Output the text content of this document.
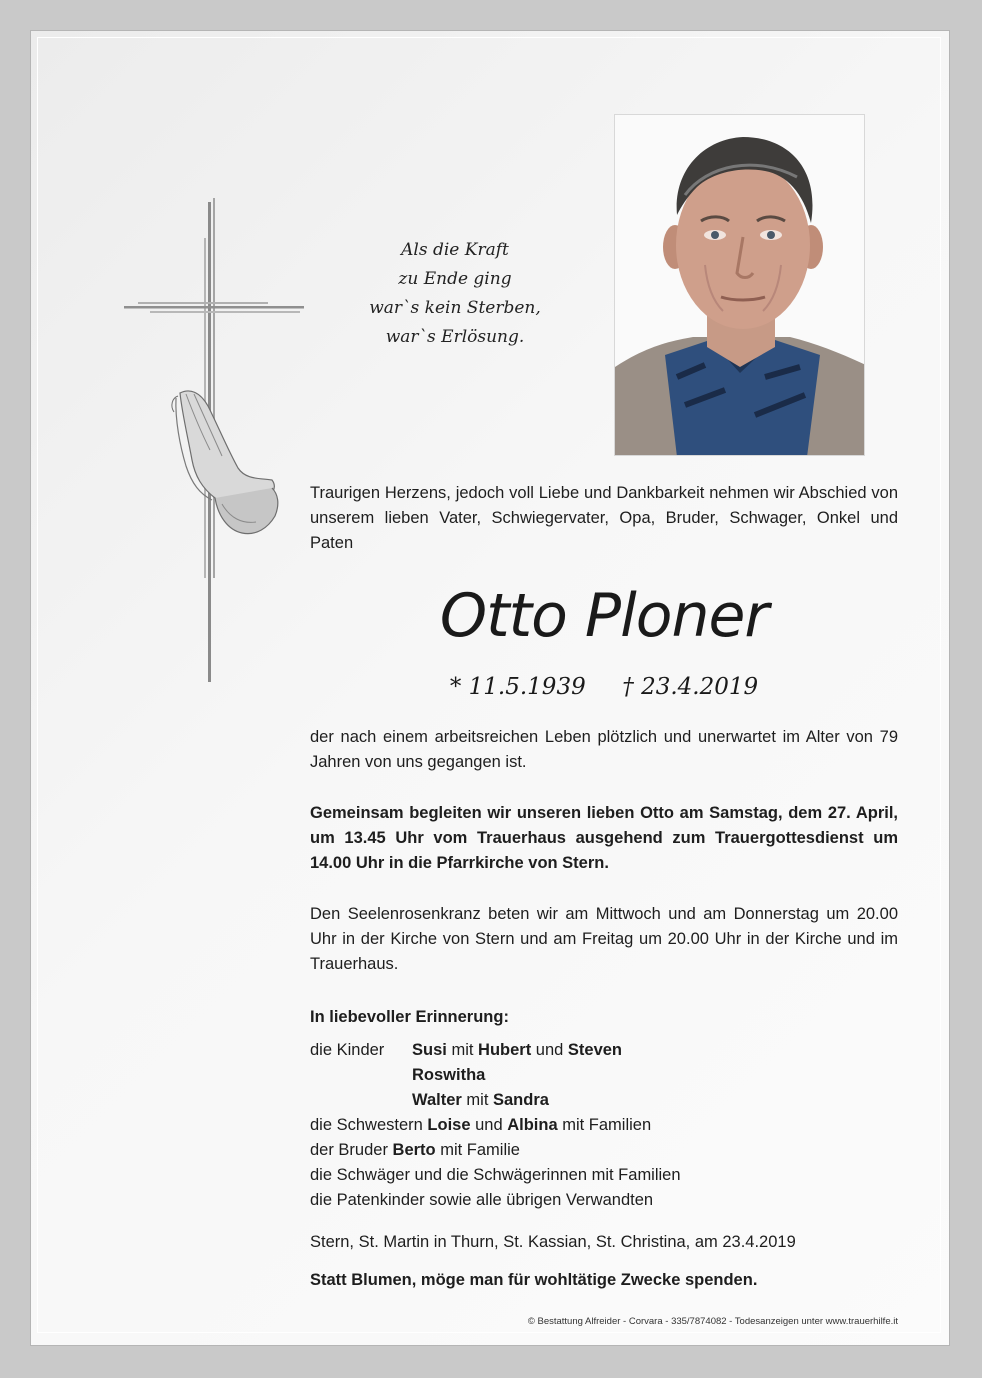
Als die Kraft
zu Ende ging
war`s kein Sterben,
war`s Erlösung.
Traurigen Herzens, jedoch voll Liebe und Dankbarkeit nehmen wir Abschied von unserem lieben Vater, Schwiegervater, Opa, Bruder, Schwager, Onkel und Paten
Otto Ploner
* 11.5.1939     † 23.4.2019
der nach einem arbeitsreichen Leben plötzlich und unerwartet im Alter von 79 Jahren von uns gegangen ist.
Gemeinsam begleiten wir unseren lieben Otto am Samstag, dem 27. April, um 13.45 Uhr vom Trauerhaus ausgehend zum Trauergottesdienst um 14.00 Uhr in die Pfarrkirche von Stern.
Den Seelenrosenkranz beten wir am Mittwoch und am Donnerstag um 20.00 Uhr in der Kirche von Stern und am Freitag um 20.00 Uhr in der Kirche und im Trauerhaus.
In liebevoller Erinnerung:
die Kinder Susi mit Hubert und Steven
Roswitha
Walter mit Sandra
die Schwestern Loise und Albina mit Familien
der Bruder Berto mit Familie
die Schwäger und die Schwägerinnen mit Familien
die Patenkinder sowie alle übrigen Verwandten
Stern, St. Martin in Thurn, St. Kassian, St. Christina, am 23.4.2019
Statt Blumen, möge man für wohltätige Zwecke spenden.
© Bestattung Alfreider - Corvara - 335/7874082 - Todesanzeigen unter www.trauerhilfe.it
